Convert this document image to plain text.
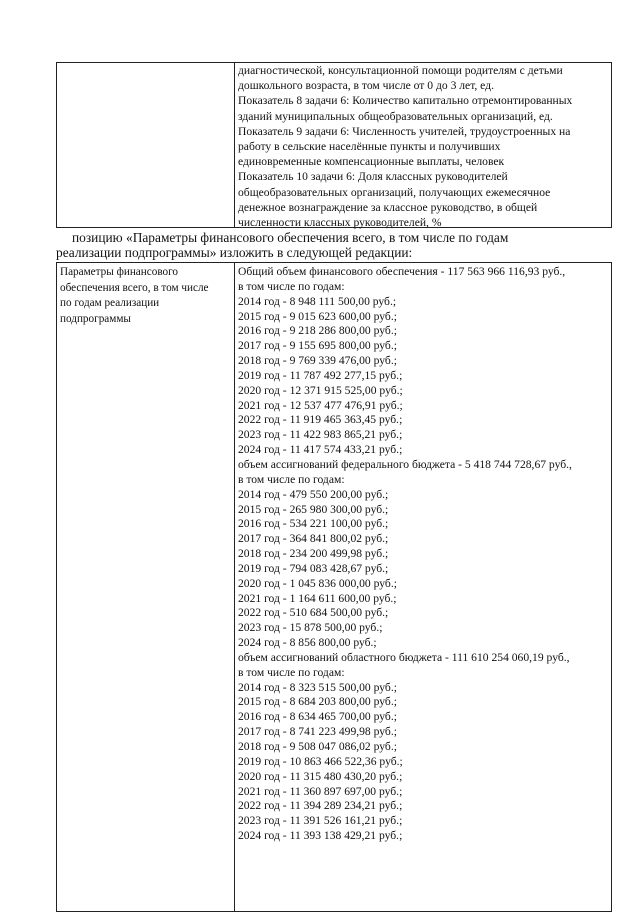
диагностической, консультационной помощи родителям с детьми
дошкольного возраста, в том числе от 0 до 3 лет, ед.
Показатель 8 задачи 6: Количество капитально отремонтированных
зданий муниципальных общеобразовательных организаций, ед.
Показатель 9 задачи 6: Численность учителей, трудоустроенных на
работу в сельские населённые пункты и получивших
единовременные компенсационные выплаты, человек
Показатель 10 задачи 6: Доля классных руководителей
общеобразовательных организаций, получающих ежемесячное
денежное вознаграждение за классное руководство, в общей
численности классных руководителей, %
позицию «Параметры финансового обеспечения всего, в том числе по годам
реализации подпрограммы» изложить в следующей редакции:
Параметры финансового
обеспечения всего, в том числе
по годам реализации
подпрограммы
Общий объем финансового обеспечения - 117 563 966 116,93 руб.,
в том числе по годам:
2014 год - 8 948 111 500,00 руб.;
2015 год - 9 015 623 600,00 руб.;
2016 год - 9 218 286 800,00 руб.;
2017 год - 9 155 695 800,00 руб.;
2018 год - 9 769 339 476,00 руб.;
2019 год - 11 787 492 277,15 руб.;
2020 год - 12 371 915 525,00 руб.;
2021 год - 12 537 477 476,91 руб.;
2022 год - 11 919 465 363,45 руб.;
2023 год - 11 422 983 865,21 руб.;
2024 год - 11 417 574 433,21 руб.;
объем ассигнований федерального бюджета - 5 418 744 728,67 руб.,
в том числе по годам:
2014 год - 479 550 200,00 руб.;
2015 год - 265 980 300,00 руб.;
2016 год - 534 221 100,00 руб.;
2017 год - 364 841 800,02 руб.;
2018 год - 234 200 499,98 руб.;
2019 год - 794 083 428,67 руб.;
2020 год - 1 045 836 000,00 руб.;
2021 год - 1 164 611 600,00 руб.;
2022 год - 510 684 500,00 руб.;
2023 год - 15 878 500,00 руб.;
2024 год - 8 856 800,00 руб.;
объем ассигнований областного бюджета - 111 610 254 060,19 руб.,
в том числе по годам:
2014 год - 8 323 515 500,00 руб.;
2015 год - 8 684 203 800,00 руб.;
2016 год - 8 634 465 700,00 руб.;
2017 год - 8 741 223 499,98 руб.;
2018 год - 9 508 047 086,02 руб.;
2019 год - 10 863 466 522,36 руб.;
2020 год - 11 315 480 430,20 руб.;
2021 год - 11 360 897 697,00 руб.;
2022 год - 11 394 289 234,21 руб.;
2023 год - 11 391 526 161,21 руб.;
2024 год - 11 393 138 429,21 руб.;
